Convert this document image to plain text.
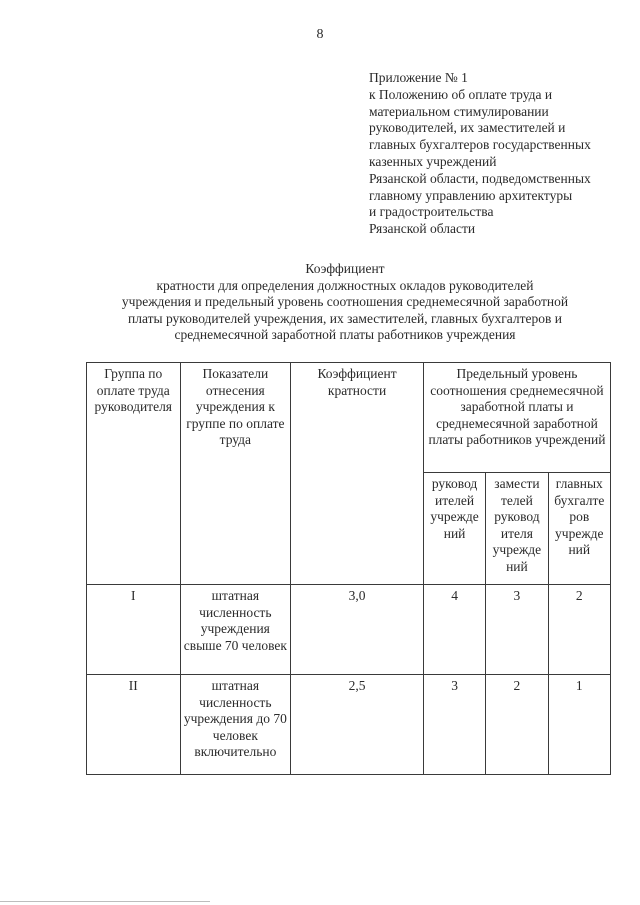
8
Приложение № 1
к Положению об оплате труда и
материальном стимулировании
руководителей, их заместителей и
главных бухгалтеров государственных
казенных учреждений
Рязанской области, подведомственных
главному управлению архитектуры
и градостроительства
Рязанской области
Коэффициент
кратности для определения должностных окладов руководителей
учреждения и предельный уровень соотношения среднемесячной заработной
платы руководителей учреждения, их заместителей, главных бухгалтеров и
среднемесячной заработной платы работников учреждения
Группа по оплате труда руководителя	Показатели отнесения учреждения к группе по оплате труда	Коэффициент кратности	Предельный уровень соотношения среднемесячной заработной платы и среднемесячной заработной платы работников учреждений		
			руковод ителей учрежде ний	замести телей руковод ителя учрежде ний	главных бухгалте ров учрежде ний
I	штатная численность учреждения свыше 70 человек	3,0	4	3	2
II	штатная численность учреждения до 70 человек включительно	2,5	3	2	1
